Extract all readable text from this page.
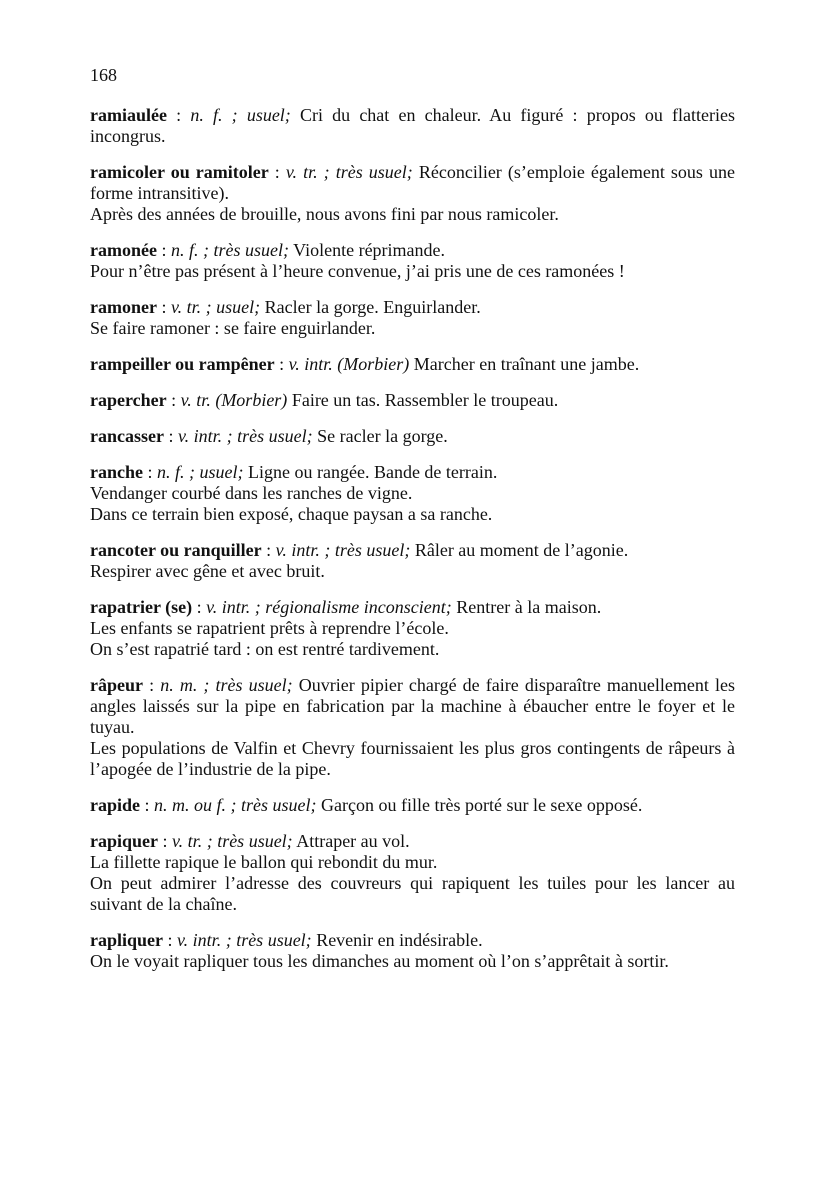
168

ramiaulée : n. f. ; usuel; Cri du chat en chaleur. Au figuré : propos ou flatteries incongrus.

ramicoler ou ramitoler : v. tr. ; très usuel; Réconcilier (s’emploie également sous une forme intransitive).

Après des années de brouille, nous avons fini par nous ramicoler.

ramonée : n. f. ; très usuel; Violente réprimande.

Pour n’être pas présent à l’heure convenue, j’ai pris une de ces ramonées !

ramoner : v. tr. ; usuel; Racler la gorge. Enguirlander.

Se faire ramoner : se faire enguirlander.

rampeiller ou rampêner : v. intr. (Morbier) Marcher en traînant une jambe.

rapercher : v. tr. (Morbier) Faire un tas. Rassembler le troupeau.

rancasser : v. intr. ; très usuel; Se racler la gorge.

ranche : n. f. ; usuel; Ligne ou rangée. Bande de terrain.

Vendanger courbé dans les ranches de vigne.

Dans ce terrain bien exposé, chaque paysan a sa ranche.

rancoter ou ranquiller : v. intr. ; très usuel; Râler au moment de l’agonie.

Respirer avec gêne et avec bruit.

rapatrier (se) : v. intr. ; régionalisme inconscient; Rentrer à la maison.

Les enfants se rapatrient prêts à reprendre l’école.

On s’est rapatrié tard : on est rentré tardivement.

râpeur : n. m. ; très usuel; Ouvrier pipier chargé de faire disparaître manuellement les angles laissés sur la pipe en fabrication par la machine à ébaucher entre le foyer et le tuyau.

Les populations de Valfin et Chevry fournissaient les plus gros contingents de râpeurs à l’apogée de l’industrie de la pipe.

rapide : n. m. ou f. ; très usuel; Garçon ou fille très porté sur le sexe opposé.

rapiquer : v. tr. ; très usuel; Attraper au vol.

La fillette rapique le ballon qui rebondit du mur.

On peut admirer l’adresse des couvreurs qui rapiquent les tuiles pour les lancer au suivant de la chaîne.

rapliquer : v. intr. ; très usuel; Revenir en indésirable.

On le voyait rapliquer tous les dimanches au moment où l’on s’apprêtait à sortir.
